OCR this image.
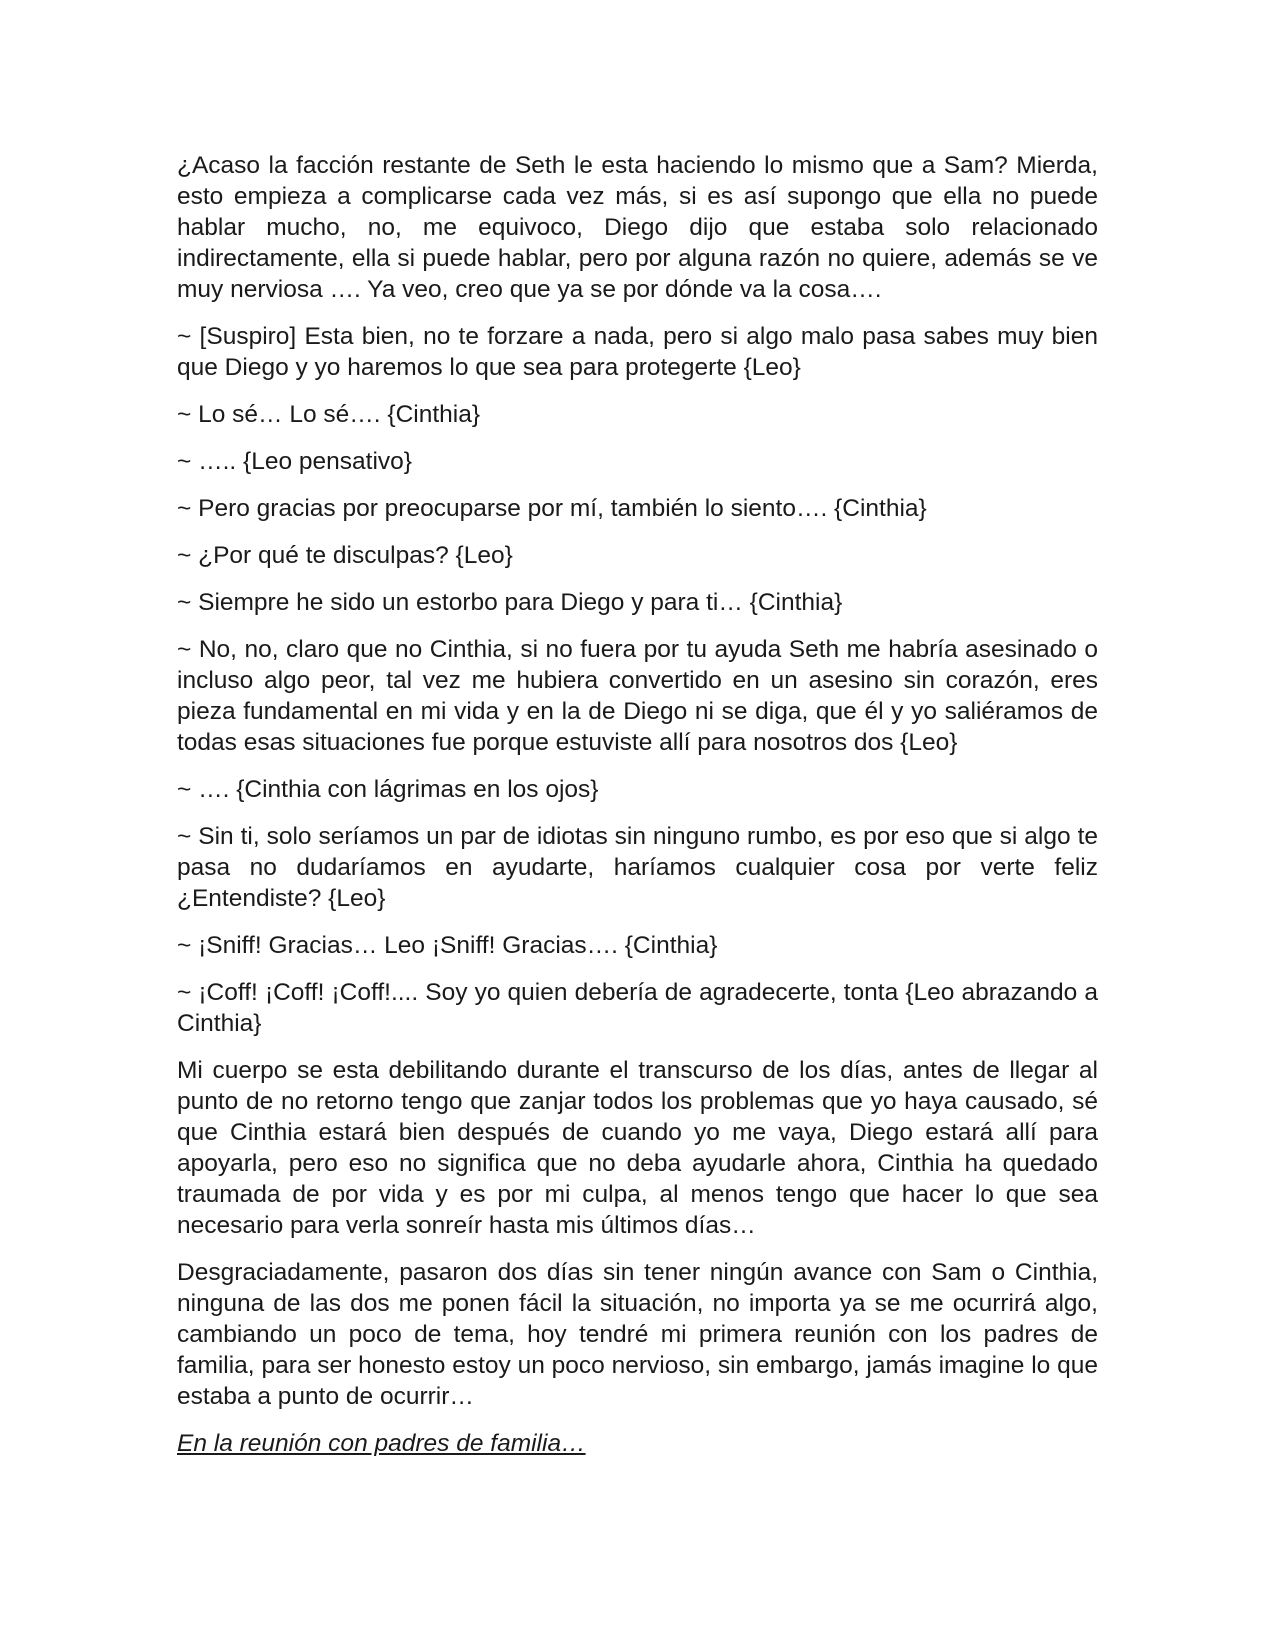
¿Acaso la facción restante de Seth le esta haciendo lo mismo que a Sam? Mierda, esto empieza a complicarse cada vez más, si es así supongo que ella no puede hablar mucho, no, me equivoco, Diego dijo que estaba solo relacionado indirectamente, ella si puede hablar, pero por alguna razón no quiere, además se ve muy nerviosa …. Ya veo, creo que ya se por dónde va la cosa….

~ [Suspiro] Esta bien, no te forzare a nada, pero si algo malo pasa sabes muy bien que Diego y yo haremos lo que sea para protegerte {Leo}

~ Lo sé… Lo sé…. {Cinthia}

~ ….. {Leo pensativo}

~ Pero gracias por preocuparse por mí, también lo siento…. {Cinthia}

~ ¿Por qué te disculpas? {Leo}

~ Siempre he sido un estorbo para Diego y para ti… {Cinthia}

~ No, no, claro que no Cinthia, si no fuera por tu ayuda Seth me habría asesinado o incluso algo peor, tal vez me hubiera convertido en un asesino sin corazón, eres pieza fundamental en mi vida y en la de Diego ni se diga, que él y yo saliéramos de todas esas situaciones fue porque estuviste allí para nosotros dos {Leo}

~ …. {Cinthia con lágrimas en los ojos}

~ Sin ti, solo seríamos un par de idiotas sin ninguno rumbo, es por eso que si algo te pasa no dudaríamos en ayudarte, haríamos cualquier cosa por verte feliz ¿Entendiste? {Leo}

~ ¡Sniff! Gracias… Leo ¡Sniff! Gracias…. {Cinthia}

~ ¡Coff! ¡Coff! ¡Coff!.... Soy yo quien debería de agradecerte, tonta {Leo abrazando a Cinthia}

Mi cuerpo se esta debilitando durante el transcurso de los días, antes de llegar al punto de no retorno tengo que zanjar todos los problemas que yo haya causado, sé que Cinthia estará bien después de cuando yo me vaya, Diego estará allí para apoyarla, pero eso no significa que no deba ayudarle ahora, Cinthia ha quedado traumada de por vida y es por mi culpa, al menos tengo que hacer lo que sea necesario para verla sonreír hasta mis últimos días…

Desgraciadamente, pasaron dos días sin tener ningún avance con Sam o Cinthia, ninguna de las dos me ponen fácil la situación, no importa ya se me ocurrirá algo, cambiando un poco de tema, hoy tendré mi primera reunión con los padres de familia, para ser honesto estoy un poco nervioso, sin embargo, jamás imagine lo que estaba a punto de ocurrir…

En la reunión con padres de familia…
